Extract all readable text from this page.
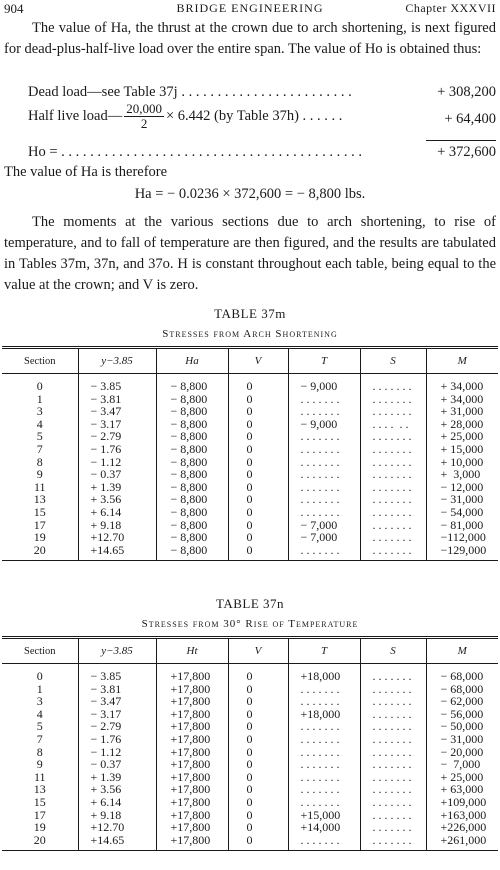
904	BRIDGE ENGINEERING	Chapter XXXVII
The value of Ha, the thrust at the crown due to arch shortening, is next figured for dead-plus-half-live load over the entire span. The value of Ho is obtained thus:
Dead load—see Table 37j . . . . . . . . . . . . . . . . . . . . . . . .	+ 308,200
Half live load— $\frac{20,000}{2} \times 6.442$ (by Table 37h) . . . . . .	+ 64,400
Ho = . . . . . . . . . . . . . . . . . . . . . . . . . . . . . . . . . . . . . . . . . .	+ 372,600
The value of Ha is therefore
Ha = − 0.0236 × 372,600 = − 8,800 lbs.
The moments at the various sections due to arch shortening, to rise of temperature, and to fall of temperature are then figured, and the results are tabulated in Tables 37m, 37n, and 37o. H is constant throughout each table, being equal to the value at the crown; and V is zero.
TABLE 37m
Stresses from Arch Shortening
Section	y−3.85	Ha	V	T	S	M
0	− 3.85	− 8,800	0	− 9,000	. . . . . . .	+ 34,000
1	− 3.81	− 8,800	0	. . . . . . .	. . . . . . .	+ 34,000
3	− 3.47	− 8,800	0	. . . . . . .	. . . . . . .	+ 31,000
4	− 3.17	− 8,800	0	− 9,000	. . . .  . .	+ 28,000
5	− 2.79	− 8,800	0	. . . . . . .	. . . . . . .	+ 25,000
7	− 1.76	− 8,800	0	. . . . . . .	. . . . . . .	+ 15,000
8	− 1.12	− 8,800	0	. . . . . . .	. . . . . . .	+ 10,000
9	− 0.37	− 8,800	0	. . . . . . .	. . . . . . .	+  3,000
11	+ 1.39	− 8,800	0	. . . . . . .	. . . . . . .	− 12,000
13	+ 3.56	− 8,800	0	. . . . . . .	. . . . . . .	− 31,000
15	+ 6.14	− 8,800	0	. . . . . . .	. . . . . . .	− 54,000
17	+ 9.18	− 8,800	0	− 7,000	. . . . . . .	− 81,000
19	+12.70	− 8,800	0	− 7,000	. . . . . . .	−112,000
20	+14.65	− 8,800	0	. . . . . . .	. . . . . . .	−129,000
TABLE 37n
Stresses from 30° Rise of Temperature
Section	y−3.85	Ht	V	T	S	M
0	− 3.85	+17,800	0	+18,000	. . . . . . .	− 68,000
1	− 3.81	+17,800	0	. . . . . . .	. . . . . . .	− 68,000
3	− 3.47	+17,800	0	. . . . . . .	. . . . . . .	− 62,000
4	− 3.17	+17,800	0	+18,000	. . . . . . .	− 56,000
5	− 2.79	+17,800	0	. . . . . . .	. . . . . . .	− 50,000
7	− 1.76	+17,800	0	. . . . . . .	. . . . . . .	− 31,000
8	− 1.12	+17,800	0	. . . . . . .	. . . . . . .	− 20,000
9	− 0.37	+17,800	0	. . . . . . .	. . . . . . .	−  7,000
11	+ 1.39	+17,800	0	. . . . . . .	. . . . . . .	+ 25,000
13	+ 3.56	+17,800	0	. . . . . . .	. . . . . . .	+ 63,000
15	+ 6.14	+17,800	0	. . . . . . .	. . . . . . .	+109,000
17	+ 9.18	+17,800	0	+15,000	. . . . . . .	+163,000
19	+12.70	+17,800	0	+14,000	. . . . . . .	+226,000
20	+14.65	+17,800	0	. . . . . . .	. . . . . . .	+261,000
